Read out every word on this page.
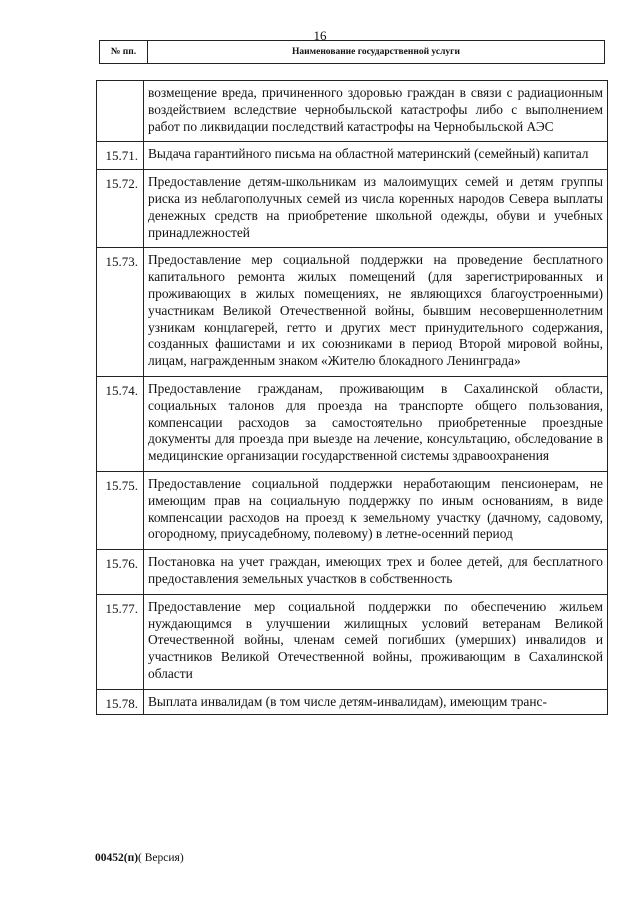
16
№ пп.	Наименование государственной услуги
возмещение вреда, причиненного здоровью граждан в связи с радиационным воздействием вследствие чернобыльской катастрофы либо с выполнением работ по ликвидации последствий катастрофы на Чернобыльской АЭС
15.71. Выдача гарантийного письма на областной материнский (семейный) капитал
15.72. Предоставление детям-школьникам из малоимущих семей и детям группы риска из неблагополучных семей из числа коренных народов Севера выплаты денежных средств на приобретение школьной одежды, обуви и учебных принадлежностей
15.73. Предоставление мер социальной поддержки на проведение бесплатного капитального ремонта жилых помещений (для зарегистрированных и проживающих в жилых помещениях, не являющихся благоустроенными) участникам Великой Отечественной войны, бывшим несовершеннолетним узникам концлагерей, гетто и других мест принудительного содержания, созданных фашистами и их союзниками в период Второй мировой войны, лицам, награжденным знаком «Жителю блокадного Ленинграда»
15.74. Предоставление гражданам, проживающим в Сахалинской области, социальных талонов для проезда на транспорте общего пользования, компенсации расходов за самостоятельно приобретенные проездные документы для проезда при выезде на лечение, консультацию, обследование в медицинские организации государственной системы здравоохранения
15.75. Предоставление социальной поддержки неработающим пенсионерам, не имеющим прав на социальную поддержку по иным основаниям, в виде компенсации расходов на проезд к земельному участку (дачному, садовому, огородному, приусадебному, полевому) в летне-осенний период
15.76. Постановка на учет граждан, имеющих трех и более детей, для бесплатного предоставления земельных участков в собственность
15.77. Предоставление мер социальной поддержки по обеспечению жильем нуждающимся в улучшении жилищных условий ветеранам Великой Отечественной войны, членам семей погибших (умерших) инвалидов и участников Великой Отечественной войны, проживающим в Сахалинской области
15.78. Выплата инвалидам (в том числе детям-инвалидам), имеющим транс-
00452(п)( Версия)
